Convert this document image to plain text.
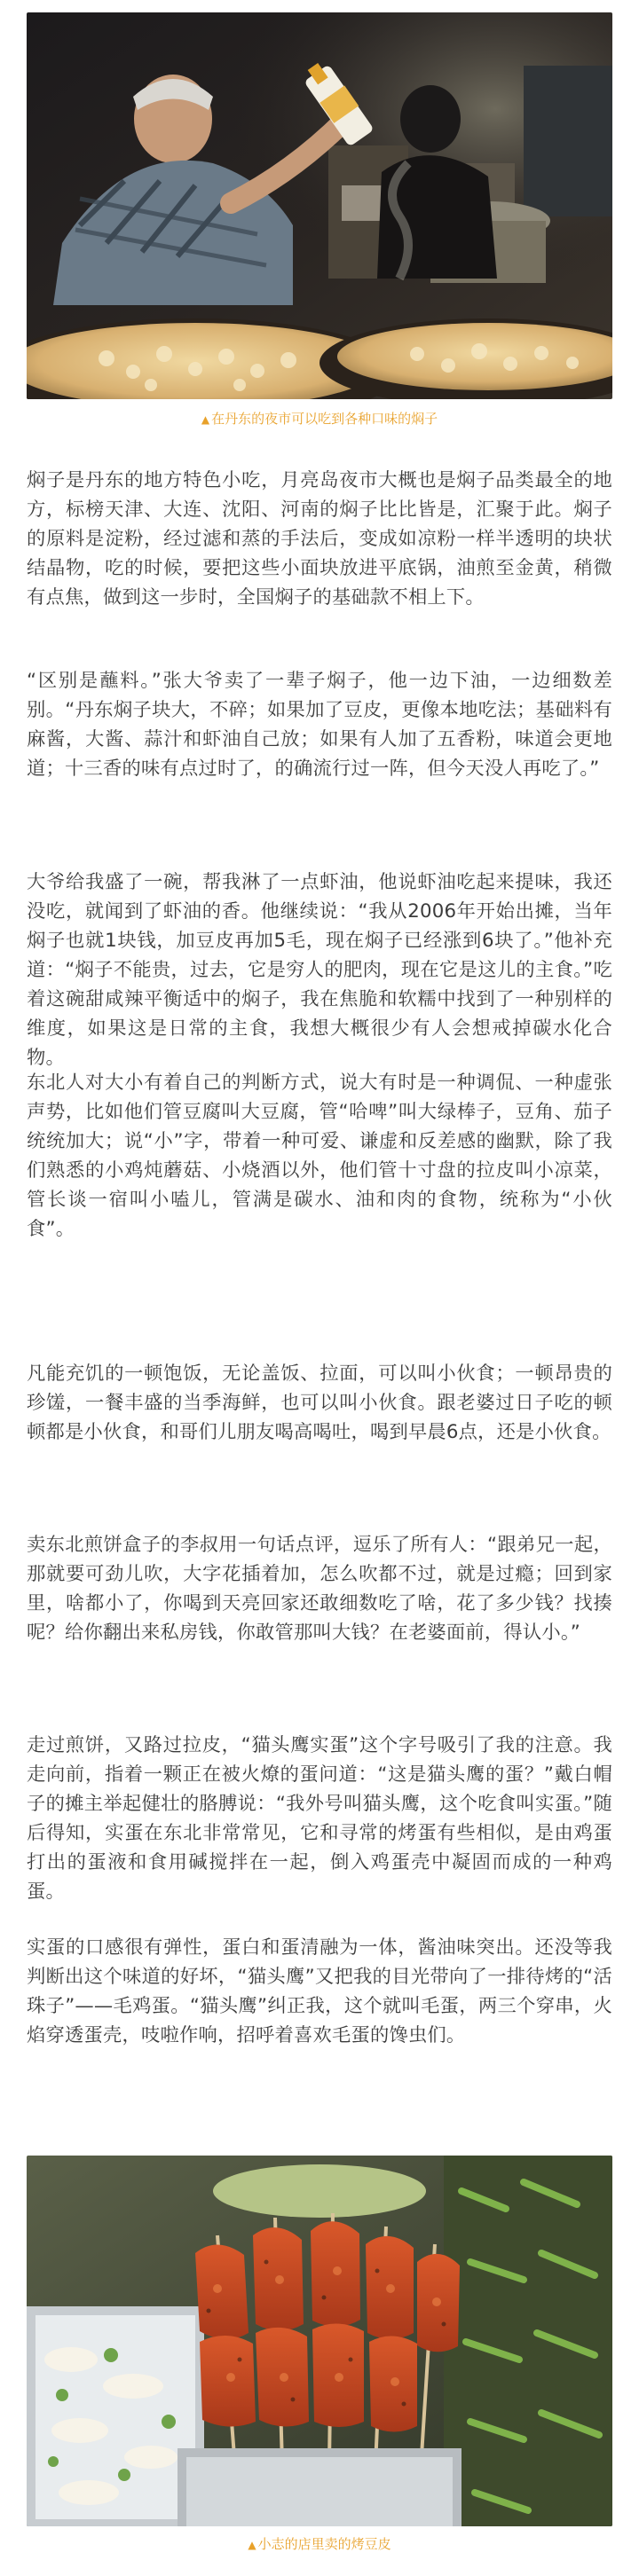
▲ 在丹东的夜市可以吃到各种口味的焖子

焖子是丹东的地方特色小吃，月亮岛夜市大概也是焖子品类最全的地方，标榜天津、大连、沈阳、河南的焖子比比皆是，汇聚于此。焖子的原料是淀粉，经过滤和蒸的手法后，变成如凉粉一样半透明的块状结晶物，吃的时候，要把这些小面块放进平底锅，油煎至金黄，稍微有点焦，做到这一步时，全国焖子的基础款不相上下。

“区别是蘸料。”张大爷卖了一辈子焖子，他一边下油，一边细数差别。“丹东焖子块大，不碎；如果加了豆皮，更像本地吃法；基础料有麻酱，大酱、蒜汁和虾油自己放；如果有人加了五香粉，味道会更地道；十三香的味有点过时了，的确流行过一阵，但今天没人再吃了。”

大爷给我盛了一碗，帮我淋了一点虾油，他说虾油吃起来提味，我还没吃，就闻到了虾油的香。他继续说：“我从2006年开始出摊，当年焖子也就1块钱，加豆皮再加5毛，现在焖子已经涨到6块了。”他补充道：“焖子不能贵，过去，它是穷人的肥肉，现在它是这儿的主食。”吃着这碗甜咸辣平衡适中的焖子，我在焦脆和软糯中找到了一种别样的维度，如果这是日常的主食，我想大概很少有人会想戒掉碳水化合物。

东北人对大小有着自己的判断方式，说大有时是一种调侃、一种虚张声势，比如他们管豆腐叫大豆腐，管“哈啤”叫大绿棒子，豆角、茄子统统加大；说“小”字，带着一种可爱、谦虚和反差感的幽默，除了我们熟悉的小鸡炖蘑菇、小烧酒以外，他们管十寸盘的拉皮叫小凉菜，管长谈一宿叫小嗑儿，管满是碳水、油和肉的食物，统称为“小伙食”。

凡能充饥的一顿饱饭，无论盖饭、拉面，可以叫小伙食；一顿昂贵的珍馐，一餐丰盛的当季海鲜，也可以叫小伙食。跟老婆过日子吃的顿顿都是小伙食，和哥们儿朋友喝高喝吐，喝到早晨6点，还是小伙食。

卖东北煎饼盒子的李叔用一句话点评，逗乐了所有人：“跟弟兄一起，那就要可劲儿吹，大字花插着加，怎么吹都不过，就是过瘾；回到家里，啥都小了，你喝到天亮回家还敢细数吃了啥，花了多少钱？找揍呢？给你翻出来私房钱，你敢管那叫大钱？在老婆面前，得认小。”

走过煎饼，又路过拉皮，“猫头鹰实蛋”这个字号吸引了我的注意。我走向前，指着一颗正在被火燎的蛋问道：“这是猫头鹰的蛋？”戴白帽子的摊主举起健壮的胳膊说：“我外号叫猫头鹰，这个吃食叫实蛋。”随后得知，实蛋在东北非常常见，它和寻常的烤蛋有些相似，是由鸡蛋打出的蛋液和食用碱搅拌在一起，倒入鸡蛋壳中凝固而成的一种鸡蛋。

实蛋的口感很有弹性，蛋白和蛋清融为一体，酱油味突出。还没等我判断出这个味道的好坏，“猫头鹰”又把我的目光带向了一排待烤的“活珠子”——毛鸡蛋。“猫头鹰”纠正我，这个就叫毛蛋，两三个穿串，火焰穿透蛋壳，吱啦作响，招呼着喜欢毛蛋的馋虫们。

▲ 小志的店里卖的烤豆皮
